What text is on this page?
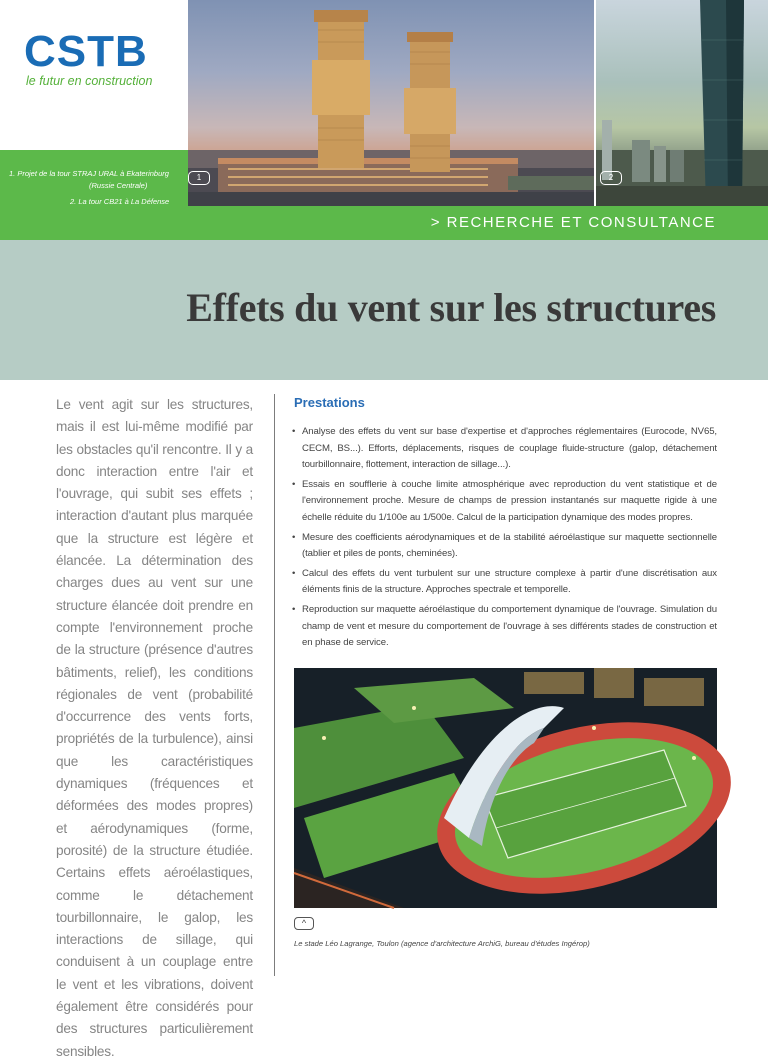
CSTB
le futur en construction
1. Projet de la tour STRAJ URAL à Ekaterinburg
(Russie Centrale)
2. La tour CB21 à La Défense
1	2
> RECHERCHE ET CONSULTANCE
Effets du vent sur les structures

Le vent agit sur les structures, mais il est lui-même modifié par les obstacles qu'il rencontre. Il y a donc interaction entre l'air et l'ouvrage, qui subit ses effets ; interaction d'autant plus marquée que la structure est légère et élancée. La détermination des charges dues au vent sur une structure élancée doit prendre en compte l'environnement proche de la structure (présence d'autres bâtiments, relief), les conditions régionales de vent (probabilité d'occurrence des vents forts, propriétés de la turbulence), ainsi que les caractéristiques dynamiques (fréquences et déformées des modes propres) et aérodynamiques (forme, porosité) de la structure étudiée. Certains effets aéroélastiques, comme le détachement tourbillonnaire, le galop, les interactions de sillage, qui conduisent à un couplage entre le vent et les vibrations, doivent également être considérés pour des structures particulièrement sensibles.

Prestations
• Analyse des effets du vent sur base d'expertise et d'approches réglementaires (Eurocode, NV65, CECM, BS...). Efforts, déplacements, risques de couplage fluide-structure (galop, détachement tourbillonnaire, flottement, interaction de sillage...).
• Essais en soufflerie à couche limite atmosphérique avec reproduction du vent statistique et de l'environnement proche. Mesure de champs de pression instantanés sur maquette rigide à une échelle réduite du 1/100e au 1/500e. Calcul de la participation dynamique des modes propres.
• Mesure des coefficients aérodynamiques et de la stabilité aéroélastique sur maquette sectionnelle (tablier et piles de ponts, cheminées).
• Calcul des effets du vent turbulent sur une structure complexe à partir d'une discrétisation aux éléments finis de la structure. Approches spectrale et temporelle.
• Reproduction sur maquette aéroélastique du comportement dynamique de l'ouvrage. Simulation du champ de vent et mesure du comportement de l'ouvrage à ses différents stades de construction et en phase de service.
^
Le stade Léo Lagrange, Toulon (agence d'architecture ArchiG, bureau d'études Ingérop)
